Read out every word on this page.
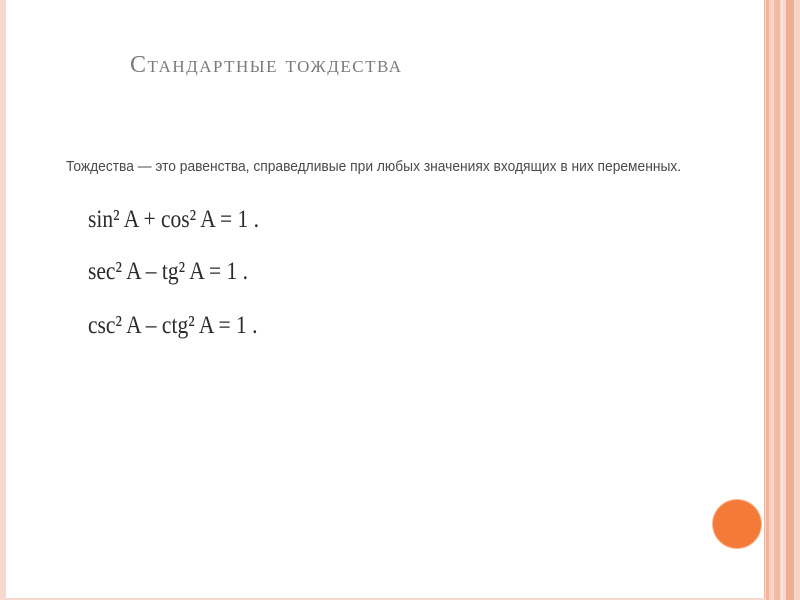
Стандартные тождества
Тождества — это равенства, справедливые при любых значениях входящих в них переменных.
sin² A + cos² A = 1 .
sec² A – tg² A = 1 .
csc² A – ctg² A = 1 .
